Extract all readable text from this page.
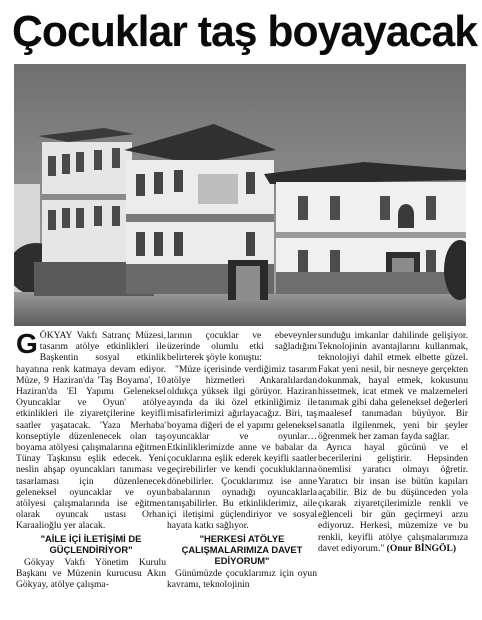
Çocuklar taş boyayacak

GÖKYAY Vakfı Satranç Müzesi, tasarım atölye etkinlikleri ile Başkentin sosyal etkinlik hayatına renk katmaya devam ediyor. Müze, 9 Haziran'da 'Taş Boyama', 10 Haziran'da 'El Yapımı Geleneksel Oyuncaklar ve Oyun' atölye etkinlikleri ile ziyaretçilerine keyifli saatler yaşatacak. 'Yaza Merhaba' konseptiyle düzenlenecek olan taş boyama atölyesi çalışmalarına eğitmen Tünay Taşkınsu eşlik edecek. Yeni neslin ahşap oyuncakları tanıması ve tasarlaması için düzenlenecek geleneksel oyuncaklar ve oyun atölyesi çalışmalarında ise eğitmen olarak oyuncak ustası Orhan Karaalioğlu yer alacak.

"AİLE İÇİ İLETİŞİMİ DE GÜÇLENDİRİYOR"

Gökyay Vakfı Yönetim Kurulu Başkanı ve Müzenin kurucusu Akın Gökyay, atölye çalışma-

larının çocuklar ve ebeveynler üzerinde olumlu etki sağladığını belirterek şöyle konuştu:

"Müze içerisinde verdiğimiz tasarım atölye hizmetleri Ankaralılardan oldukça yüksek ilgi görüyor. Haziran ayında da iki özel etkinliğimiz ile misafirlerimizi ağırlayacağız. Biri, taş boyama diğeri de el yapımı geleneksel oyuncaklar ve oyunlar… Etkinliklerimizde anne ve babalar da çocuklarına eşlik ederek keyifli saatler geçirebilirler ve kendi çocukluklarına dönebilirler. Çocuklarımız ise anne babalarının oynadığı oyuncaklarla tanışabilirler. Bu etkinliklerimiz, aile içi iletişimi güçlendiriyor ve sosyal hayata katkı sağlıyor.

"HERKESİ ATÖLYE ÇALIŞMALARIMIZA DAVET EDİYORUM"

Günümüzde çocuklarımız için oyun kavramı, teknolojinin

sunduğu imkanlar dahilinde gelişiyor. Teknolojinin avantajlarını kullanmak, teknolojiyi dahil etmek elbette güzel. Fakat yeni nesil, bir nesneye gerçekten dokunmak, hayal etmek, kokusunu hissetmek, icat etmek ve malzemeleri tanımak gibi daha geleneksel değerleri maalesef tanımadan büyüyor. Bir sanatla ilgilenmek, yeni bir şeyler öğrenmek her zaman fayda sağlar.

Ayrıca hayal gücünü ve el becerilerini geliştirir. Hepsinden önemlisi yaratıcı olmayı öğretir. Yaratıcı bir insan ise bütün kapıları açabilir. Biz de bu düşünceden yola çıkarak ziyaretçilerimizle renkli ve eğlenceli bir gün geçirmeyi arzu ediyoruz. Herkesi, müzemize ve bu renkli, keyifli atölye çalışmalarımıza davet ediyorum." (Onur BİNGÖL)
